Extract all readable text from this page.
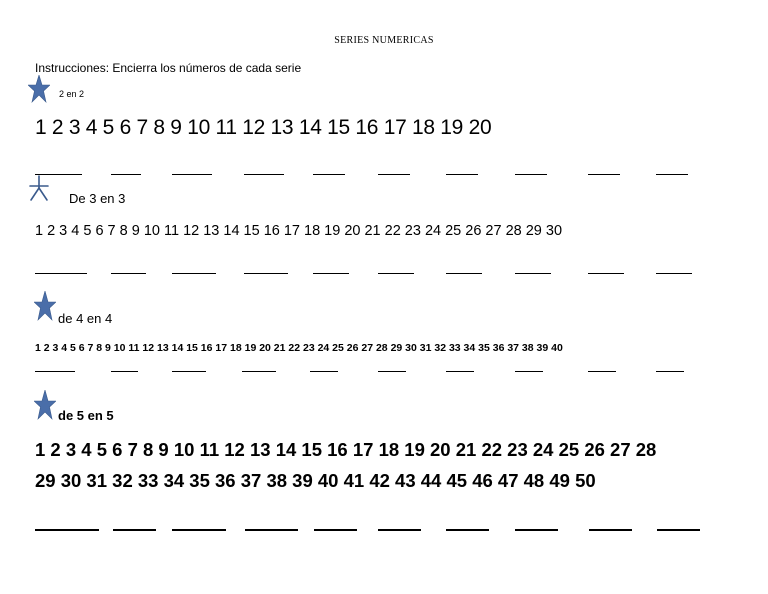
SERIES NUMERICAS
Instrucciones: Encierra los números de cada serie
2 en 2
1 2 3 4 5 6 7 8 9 10 11 12 13 14 15 16 17 18 19 20
De 3 en 3
1 2 3 4 5 6 7 8 9 10 11 12 13 14 15 16 17 18 19 20 21 22 23 24 25 26 27 28 29 30
de 4 en 4
1 2 3 4 5 6 7 8 9 10 11 12 13 14 15 16 17 18 19 20 21 22 23 24 25 26 27 28 29 30 31 32 33 34 35 36 37 38 39 40
de 5 en 5
1 2 3 4 5 6 7 8 9 10 11 12 13 14 15 16 17 18 19 20 21 22 23 24 25 26 27 28
29 30 31 32 33 34 35 36 37 38 39 40 41 42 43 44 45 46 47 48 49 50
